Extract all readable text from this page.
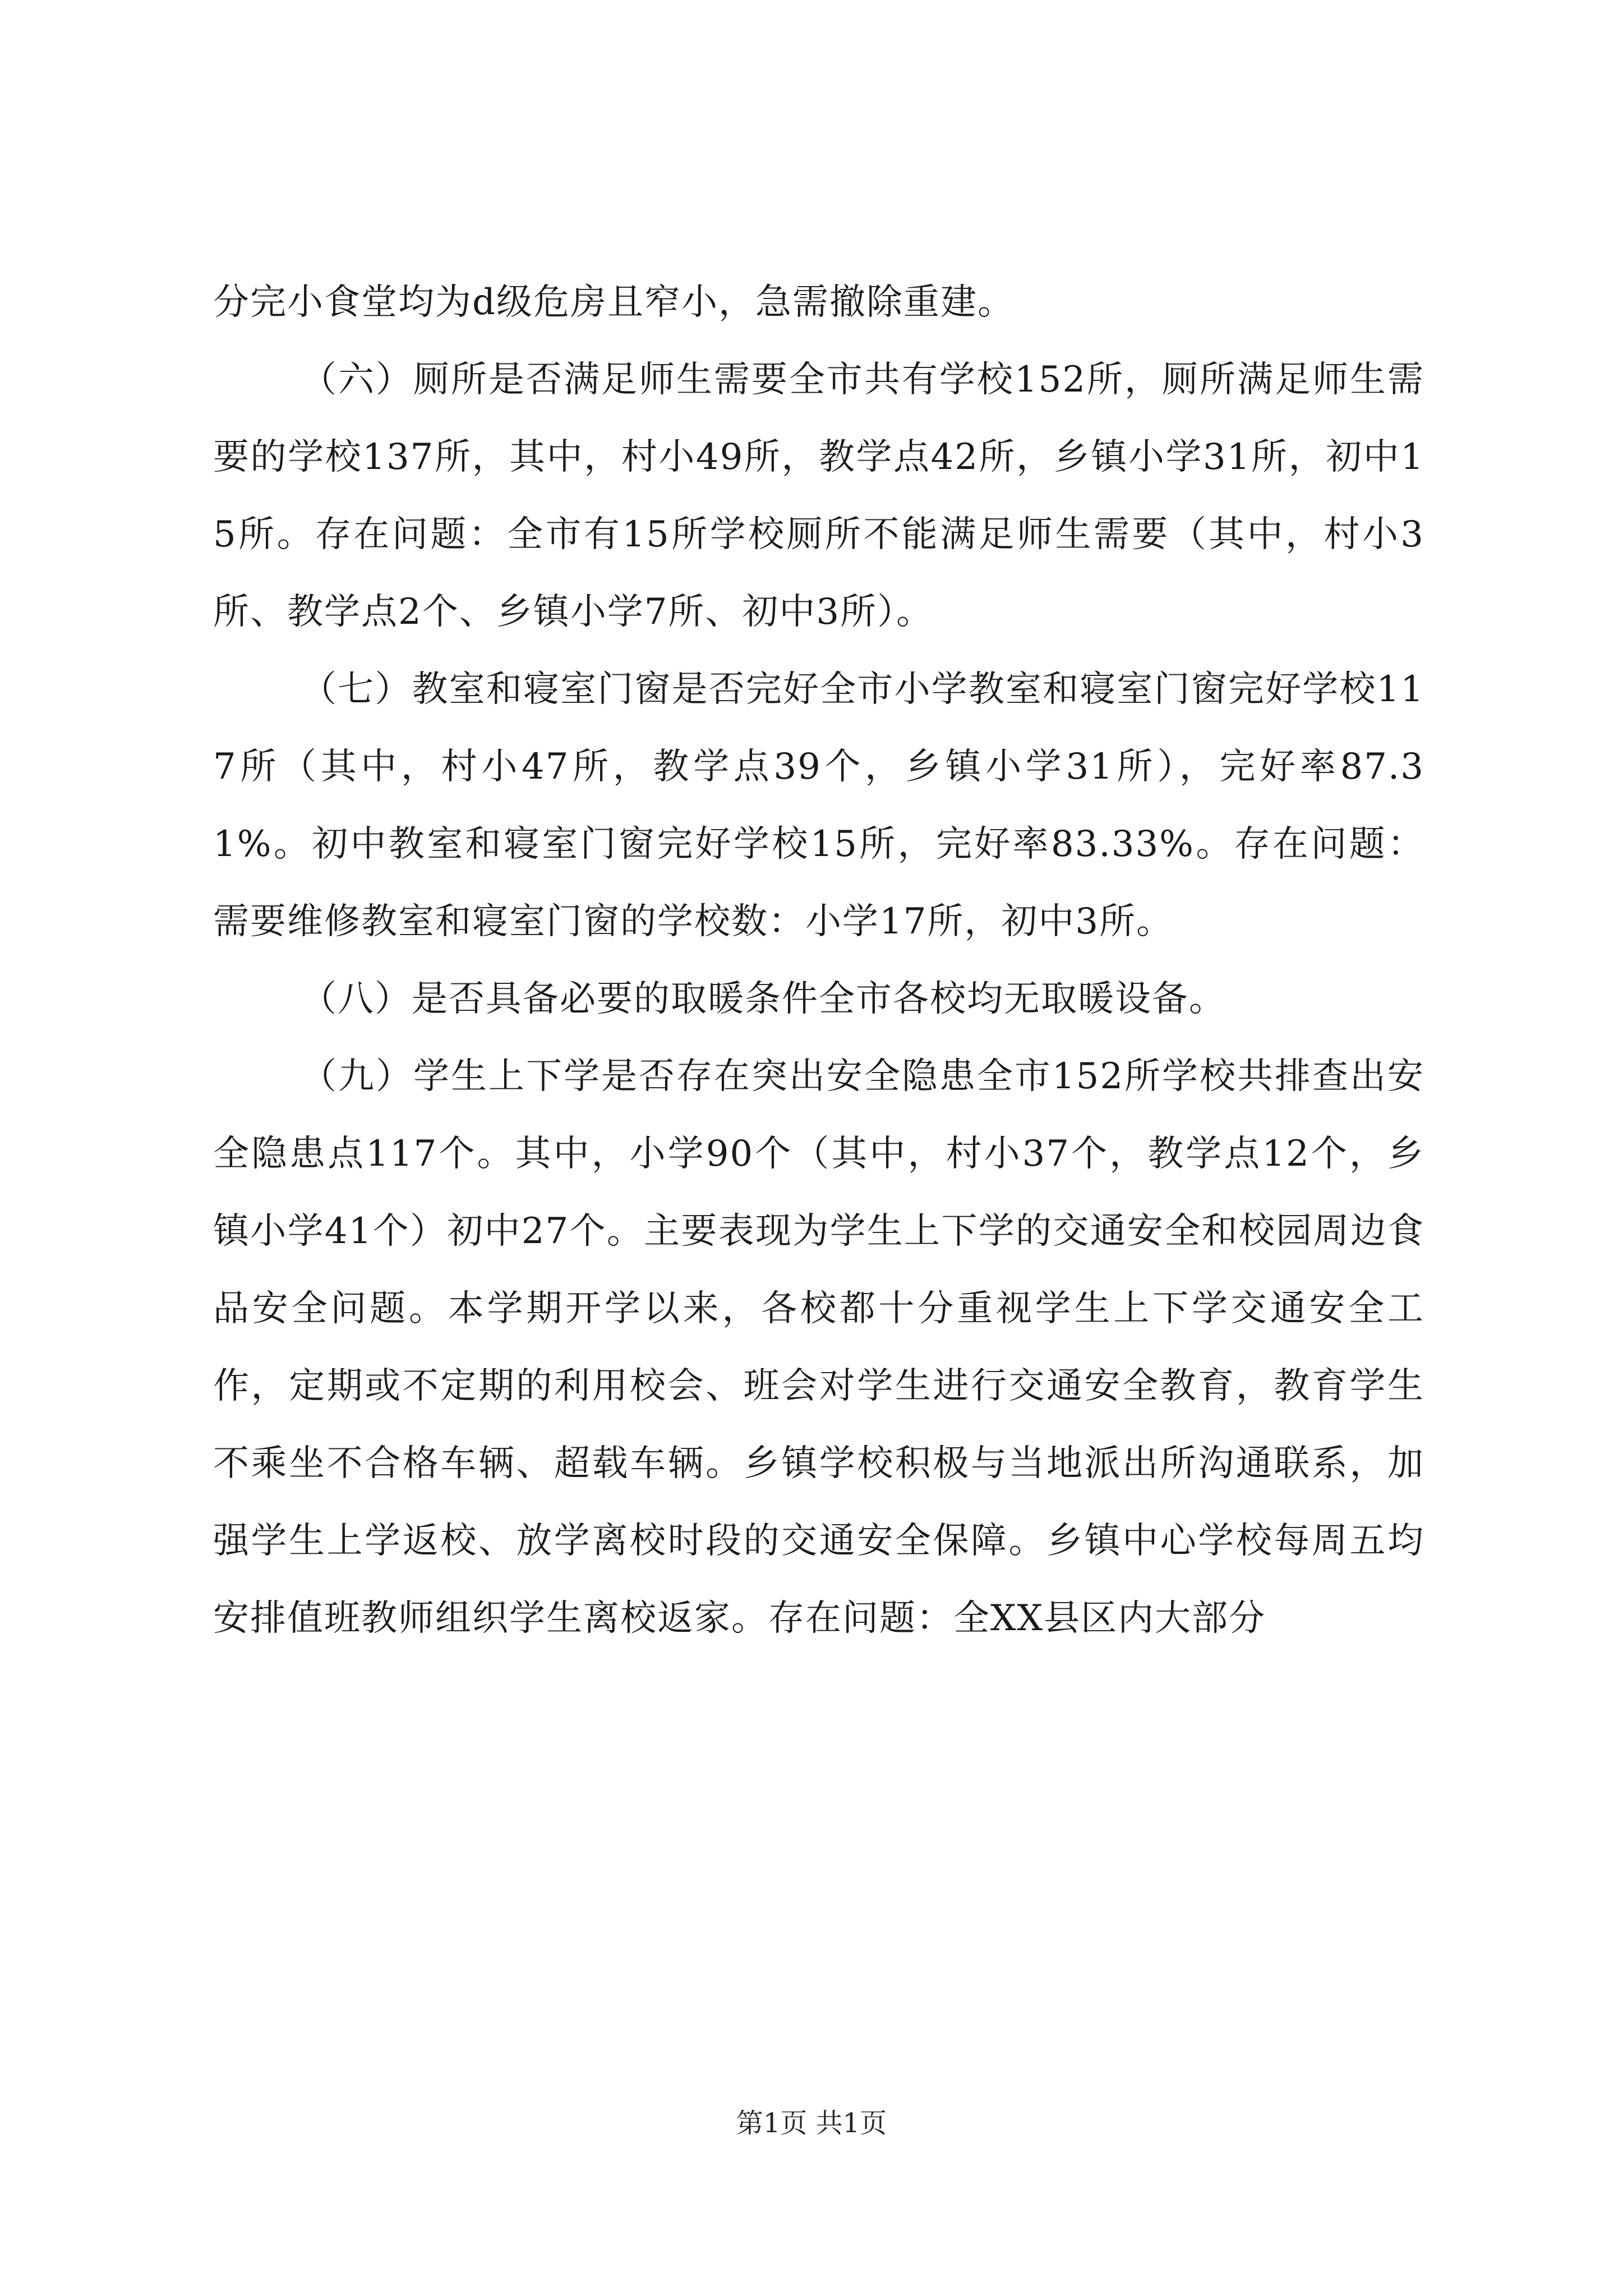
分完小食堂均为d级危房且窄小，急需撤除重建。

（六）厕所是否满足师生需要全市共有学校152所，厕所满足师生需要的学校137所，其中，村小49所，教学点42所，乡镇小学31所，初中15所。存在问题：全市有15所学校厕所不能满足师生需要（其中，村小3所、教学点2个、乡镇小学7所、初中3所）。

（七）教室和寝室门窗是否完好全市小学教室和寝室门窗完好学校117所（其中，村小47所，教学点39个，乡镇小学31所），完好率87.31%。初中教室和寝室门窗完好学校15所，完好率83.33%。存在问题：需要维修教室和寝室门窗的学校数：小学17所，初中3所。

（八）是否具备必要的取暖条件全市各校均无取暖设备。

（九）学生上下学是否存在突出安全隐患全市152所学校共排查出安全隐患点117个。其中，小学90个（其中，村小37个，教学点12个，乡镇小学41个）初中27个。主要表现为学生上下学的交通安全和校园周边食品安全问题。本学期开学以来，各校都十分重视学生上下学交通安全工作，定期或不定期的利用校会、班会对学生进行交通安全教育，教育学生不乘坐不合格车辆、超载车辆。乡镇学校积极与当地派出所沟通联系，加强学生上学返校、放学离校时段的交通安全保障。乡镇中心学校每周五均安排值班教师组织学生离校返家。存在问题：全XX县区内大部分

第1页 共1页
